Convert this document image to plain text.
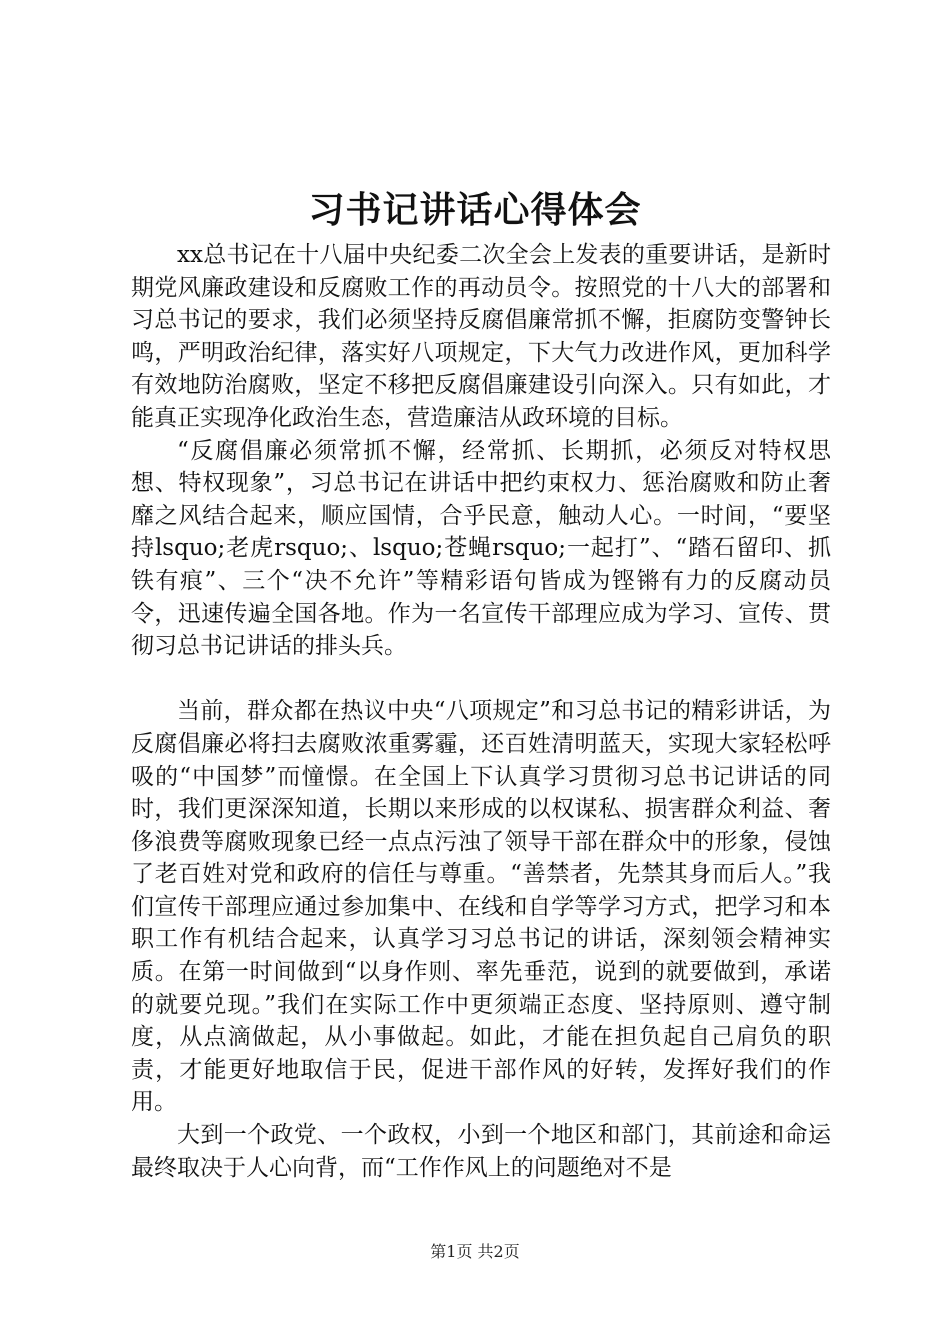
习书记讲话心得体会

xx总书记在十八届中央纪委二次全会上发表的重要讲话，是新时期党风廉政建设和反腐败工作的再动员令。按照党的十八大的部署和习总书记的要求，我们必须坚持反腐倡廉常抓不懈，拒腐防变警钟长鸣，严明政治纪律，落实好八项规定，下大气力改进作风，更加科学有效地防治腐败，坚定不移把反腐倡廉建设引向深入。只有如此，才能真正实现净化政治生态，营造廉洁从政环境的目标。

“反腐倡廉必须常抓不懈，经常抓、长期抓，必须反对特权思想、特权现象”，习总书记在讲话中把约束权力、惩治腐败和防止奢靡之风结合起来，顺应国情，合乎民意，触动人心。一时间，“要坚持lsquo;老虎rsquo;、lsquo;苍蝇rsquo;一起打”、“踏石留印、抓铁有痕”、三个“决不允许”等精彩语句皆成为铿锵有力的反腐动员令，迅速传遍全国各地。作为一名宣传干部理应成为学习、宣传、贯彻习总书记讲话的排头兵。

当前，群众都在热议中央“八项规定”和习总书记的精彩讲话，为反腐倡廉必将扫去腐败浓重雾霾，还百姓清明蓝天，实现大家轻松呼吸的“中国梦”而憧憬。在全国上下认真学习贯彻习总书记讲话的同时，我们更深深知道，长期以来形成的以权谋私、损害群众利益、奢侈浪费等腐败现象已经一点点污浊了领导干部在群众中的形象，侵蚀了老百姓对党和政府的信任与尊重。“善禁者，先禁其身而后人。”我们宣传干部理应通过参加集中、在线和自学等学习方式，把学习和本职工作有机结合起来，认真学习习总书记的讲话，深刻领会精神实质。在第一时间做到“以身作则、率先垂范，说到的就要做到，承诺的就要兑现。”我们在实际工作中更须端正态度、坚持原则、遵守制度，从点滴做起，从小事做起。如此，才能在担负起自己肩负的职责，才能更好地取信于民，促进干部作风的好转，发挥好我们的作用。

大到一个政党、一个政权，小到一个地区和部门，其前途和命运最终取决于人心向背，而“工作作风上的问题绝对不是

第1页 共2页
